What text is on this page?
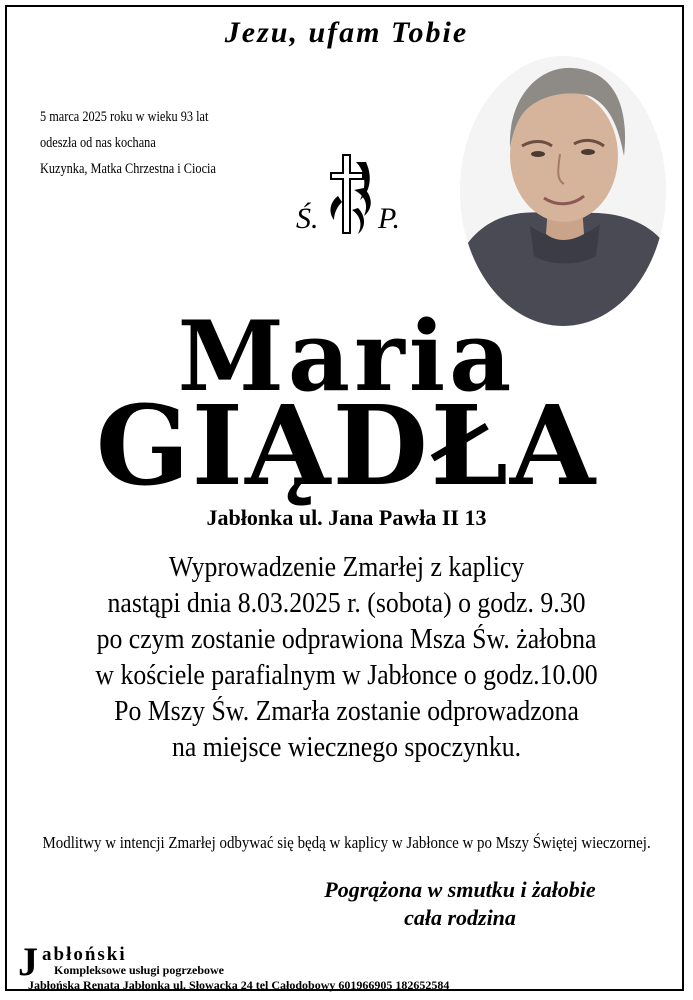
Jezu, ufam Tobie
5 marca 2025 roku w wieku 93 lat
odeszła od nas kochana
Kuzynka, Matka Chrzestna i Ciocia
Ś. P.
Maria
GIĄDŁA
Jabłonka ul. Jana Pawła II 13
Wyprowadzenie Zmarłej z kaplicy
nastąpi dnia 8.03.2025 r. (sobota) o godz. 9.30
po czym zostanie odprawiona Msza Św. żałobna
w kościele parafialnym w Jabłonce o godz.10.00
Po Mszy Św. Zmarła zostanie odprowadzona
na miejsce wiecznego spoczynku.
Modlitwy w intencji Zmarłej odbywać się będą w kaplicy w Jabłonce w po Mszy Świętej wieczornej.
Pogrążona w smutku i żałobie
cała rodzina
J abłoński
Kompleksowe usługi pogrzebowe
Jabłońska Renata Jabłonka ul. Słowacka 24 tel Całodobowy 601966905 182652584
